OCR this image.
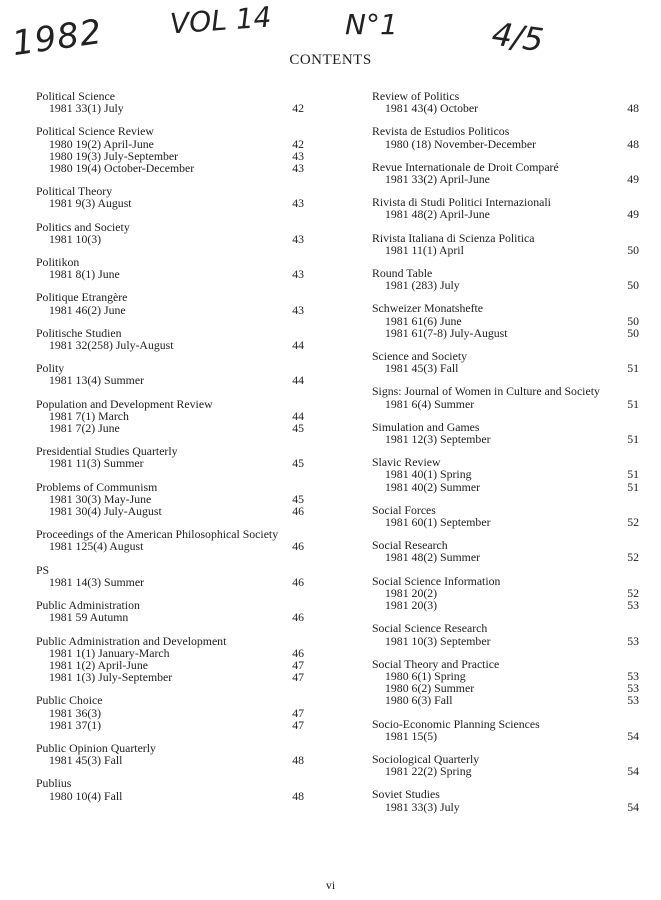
1982 VOL 14	N°1	4/5
CONTENTS
Political Science
1981 33(1) July	42
Political Science Review
1980 19(2) April-June	42
1980 19(3) July-September	43
1980 19(4) October-December	43
Political Theory
1981 9(3) August	43
Politics and Society
1981 10(3)	43
Politikon
1981 8(1) June	43
Politique Etrangère
1981 46(2) June	43
Politische Studien
1981 32(258) July-August	44
Polity
1981 13(4) Summer	44
Population and Development Review
1981 7(1) March	44
1981 7(2) June	45
Presidential Studies Quarterly
1981 11(3) Summer	45
Problems of Communism
1981 30(3) May-June	45
1981 30(4) July-August	46
Proceedings of the American Philosophical Society
1981 125(4) August	46
PS
1981 14(3) Summer	46
Public Administration
1981 59 Autumn	46
Public Administration and Development
1981 1(1) January-March	46
1981 1(2) April-June	47
1981 1(3) July-September	47
Public Choice
1981 36(3)	47
1981 37(1)	47
Public Opinion Quarterly
1981 45(3) Fall	48
Publius
1980 10(4) Fall	48
Review of Politics
1981 43(4) October	48
Revista de Estudios Politicos
1980 (18) November-December	48
Revue Internationale de Droit Comparé
1981 33(2) April-June	49
Rivista di Studi Politici Internazionali
1981 48(2) April-June	49
Rivista Italiana di Scienza Politica
1981 11(1) April	50
Round Table
1981 (283) July	50
Schweizer Monatshefte
1981 61(6) June	50
1981 61(7-8) July-August	50
Science and Society
1981 45(3) Fall	51
Signs: Journal of Women in Culture and Society
1981 6(4) Summer	51
Simulation and Games
1981 12(3) September	51
Slavic Review
1981 40(1) Spring	51
1981 40(2) Summer	51
Social Forces
1981 60(1) September	52
Social Research
1981 48(2) Summer	52
Social Science Information
1981 20(2)	52
1981 20(3)	53
Social Science Research
1981 10(3) September	53
Social Theory and Practice
1980 6(1) Spring	53
1980 6(2) Summer	53
1980 6(3) Fall	53
Socio-Economic Planning Sciences
1981 15(5)	54
Sociological Quarterly
1981 22(2) Spring	54
Soviet Studies
1981 33(3) July	54
vi
